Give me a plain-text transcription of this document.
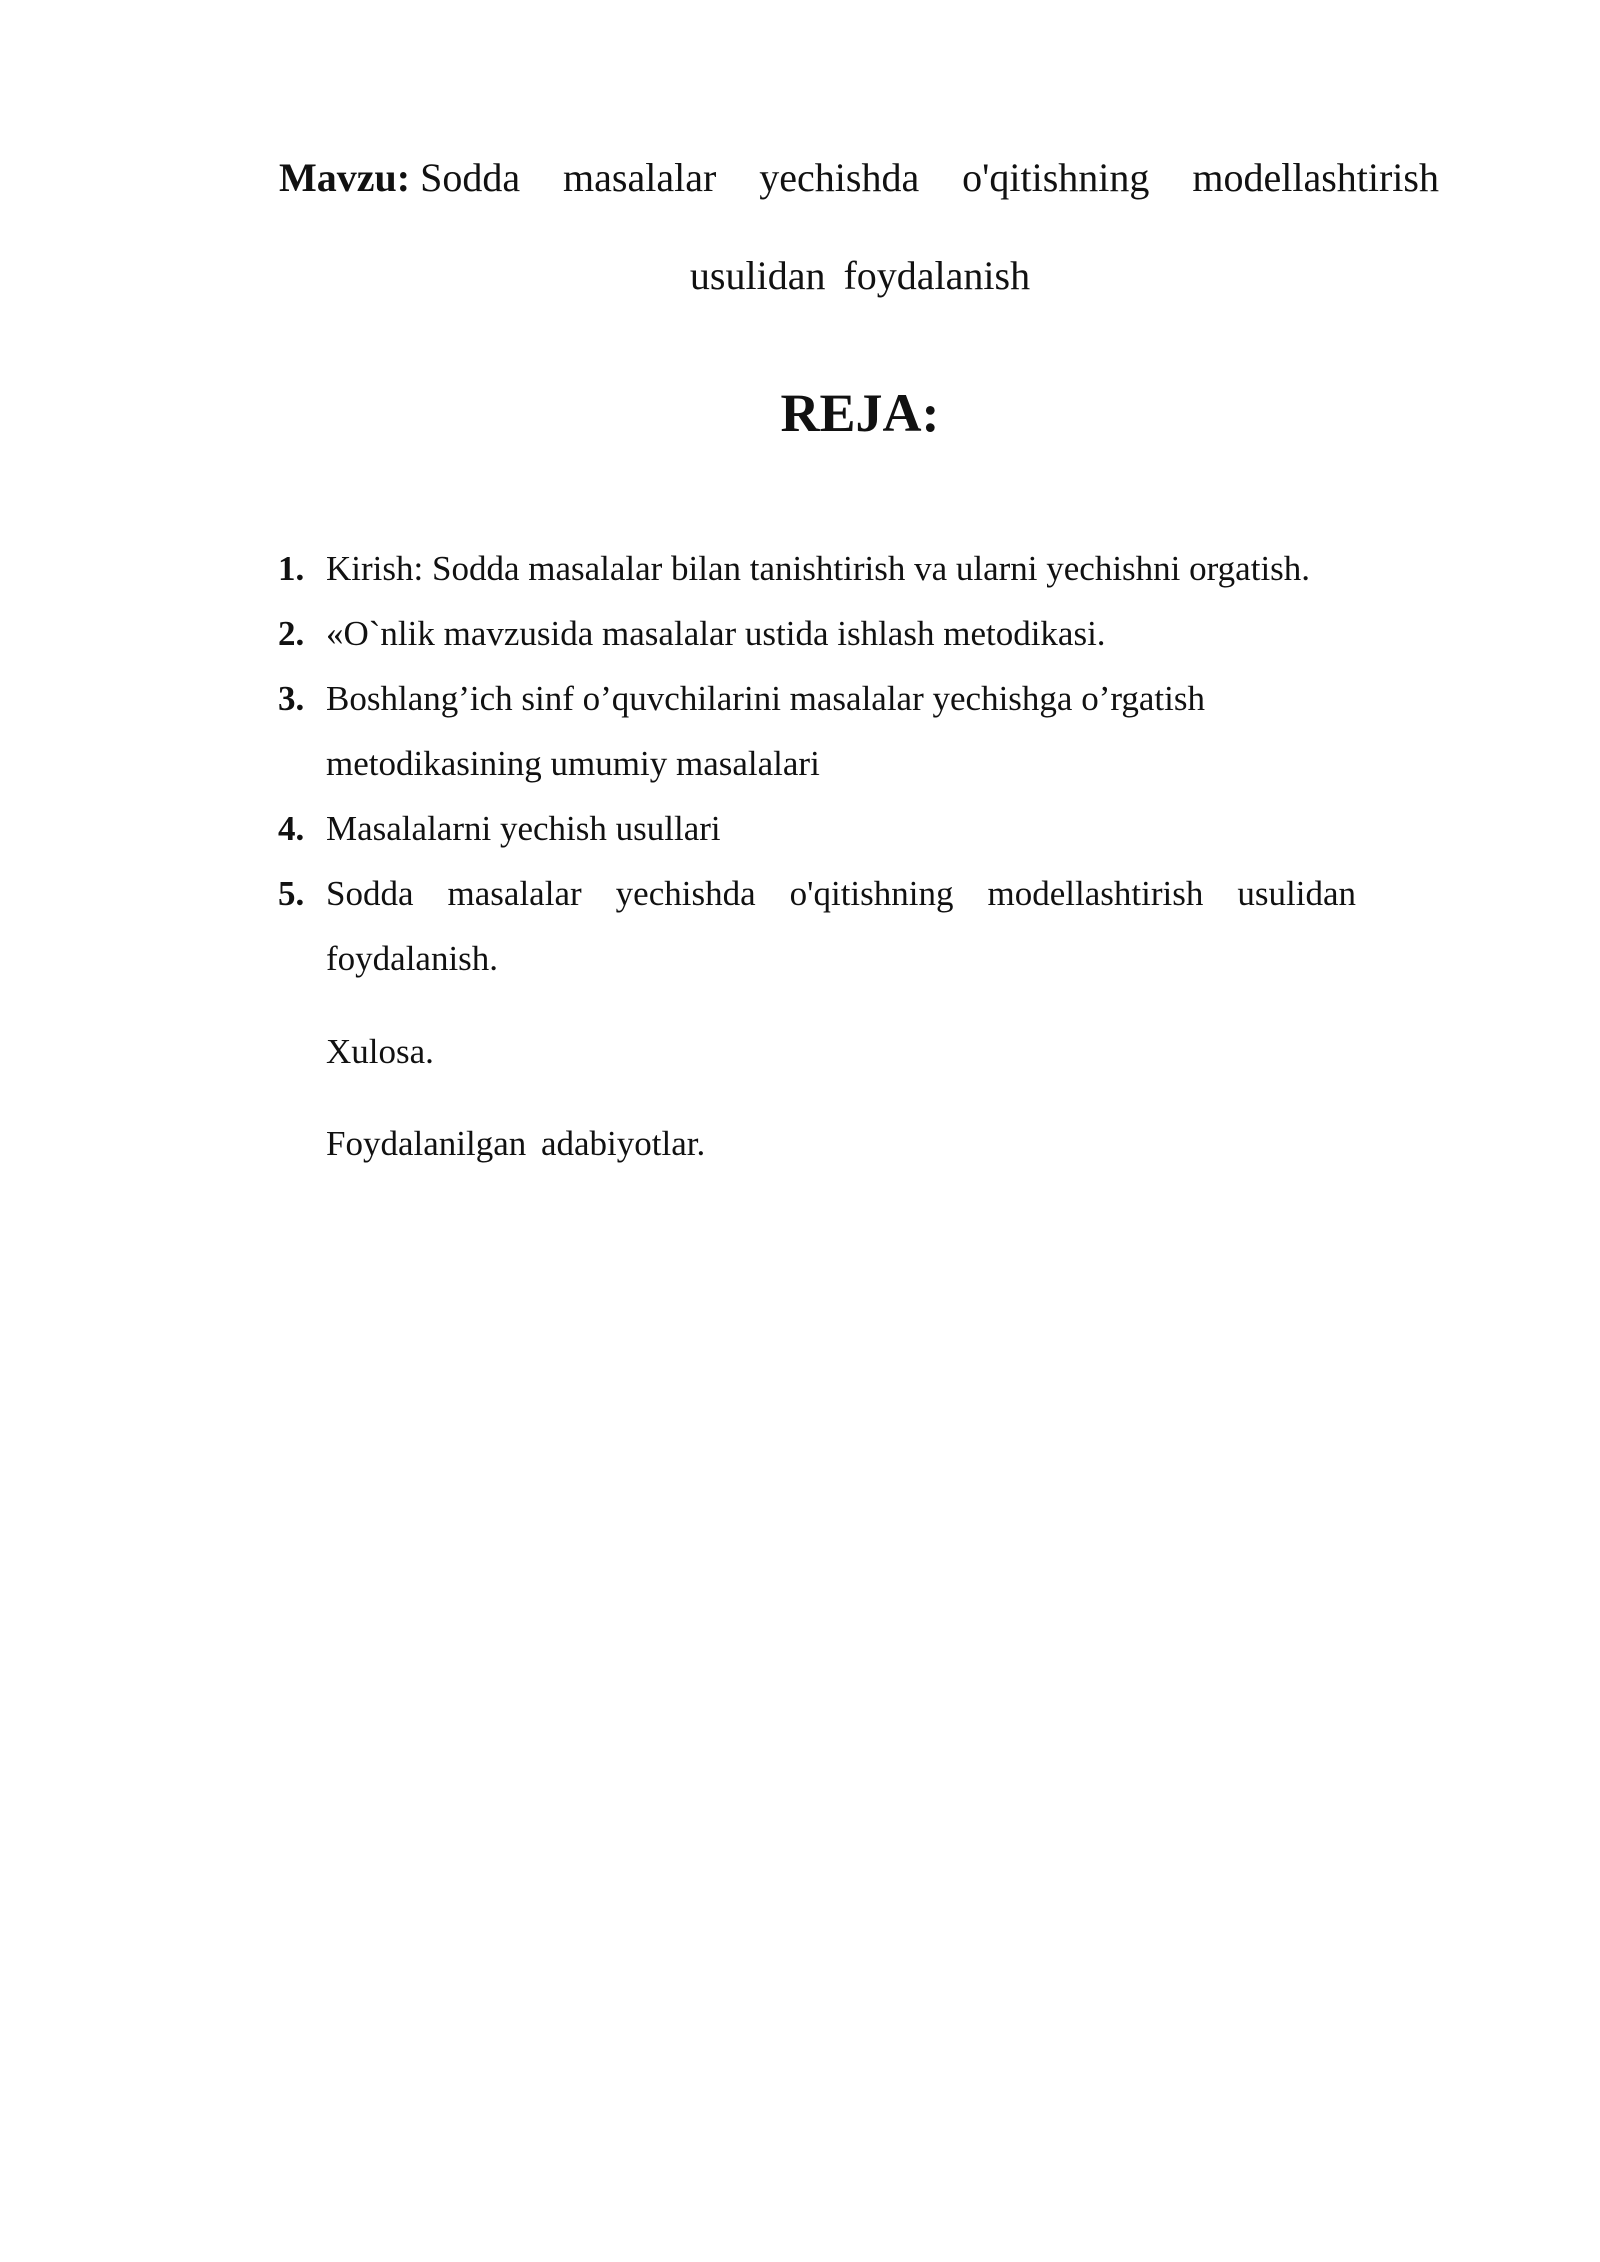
Mavzu: Sodda masalalar yechishda o'qitishning modellashtirish
usulidan foydalanish
REJA:
1. Kirish: Sodda masalalar bilan tanishtirish va ularni yechishni orgatish.
2. «O`nlik mavzusida masalalar ustida ishlash metodikasi.
3. Boshlang’ich sinf o’quvchilarini masalalar yechishga o’rgatish
metodikasining umumiy masalalari
4. Masalalarni yechish usullari
5. Sodda masalalar yechishda o'qitishning modellashtirish usulidan
foydalanish.
Xulosa.
Foydalanilgan adabiyotlar.
